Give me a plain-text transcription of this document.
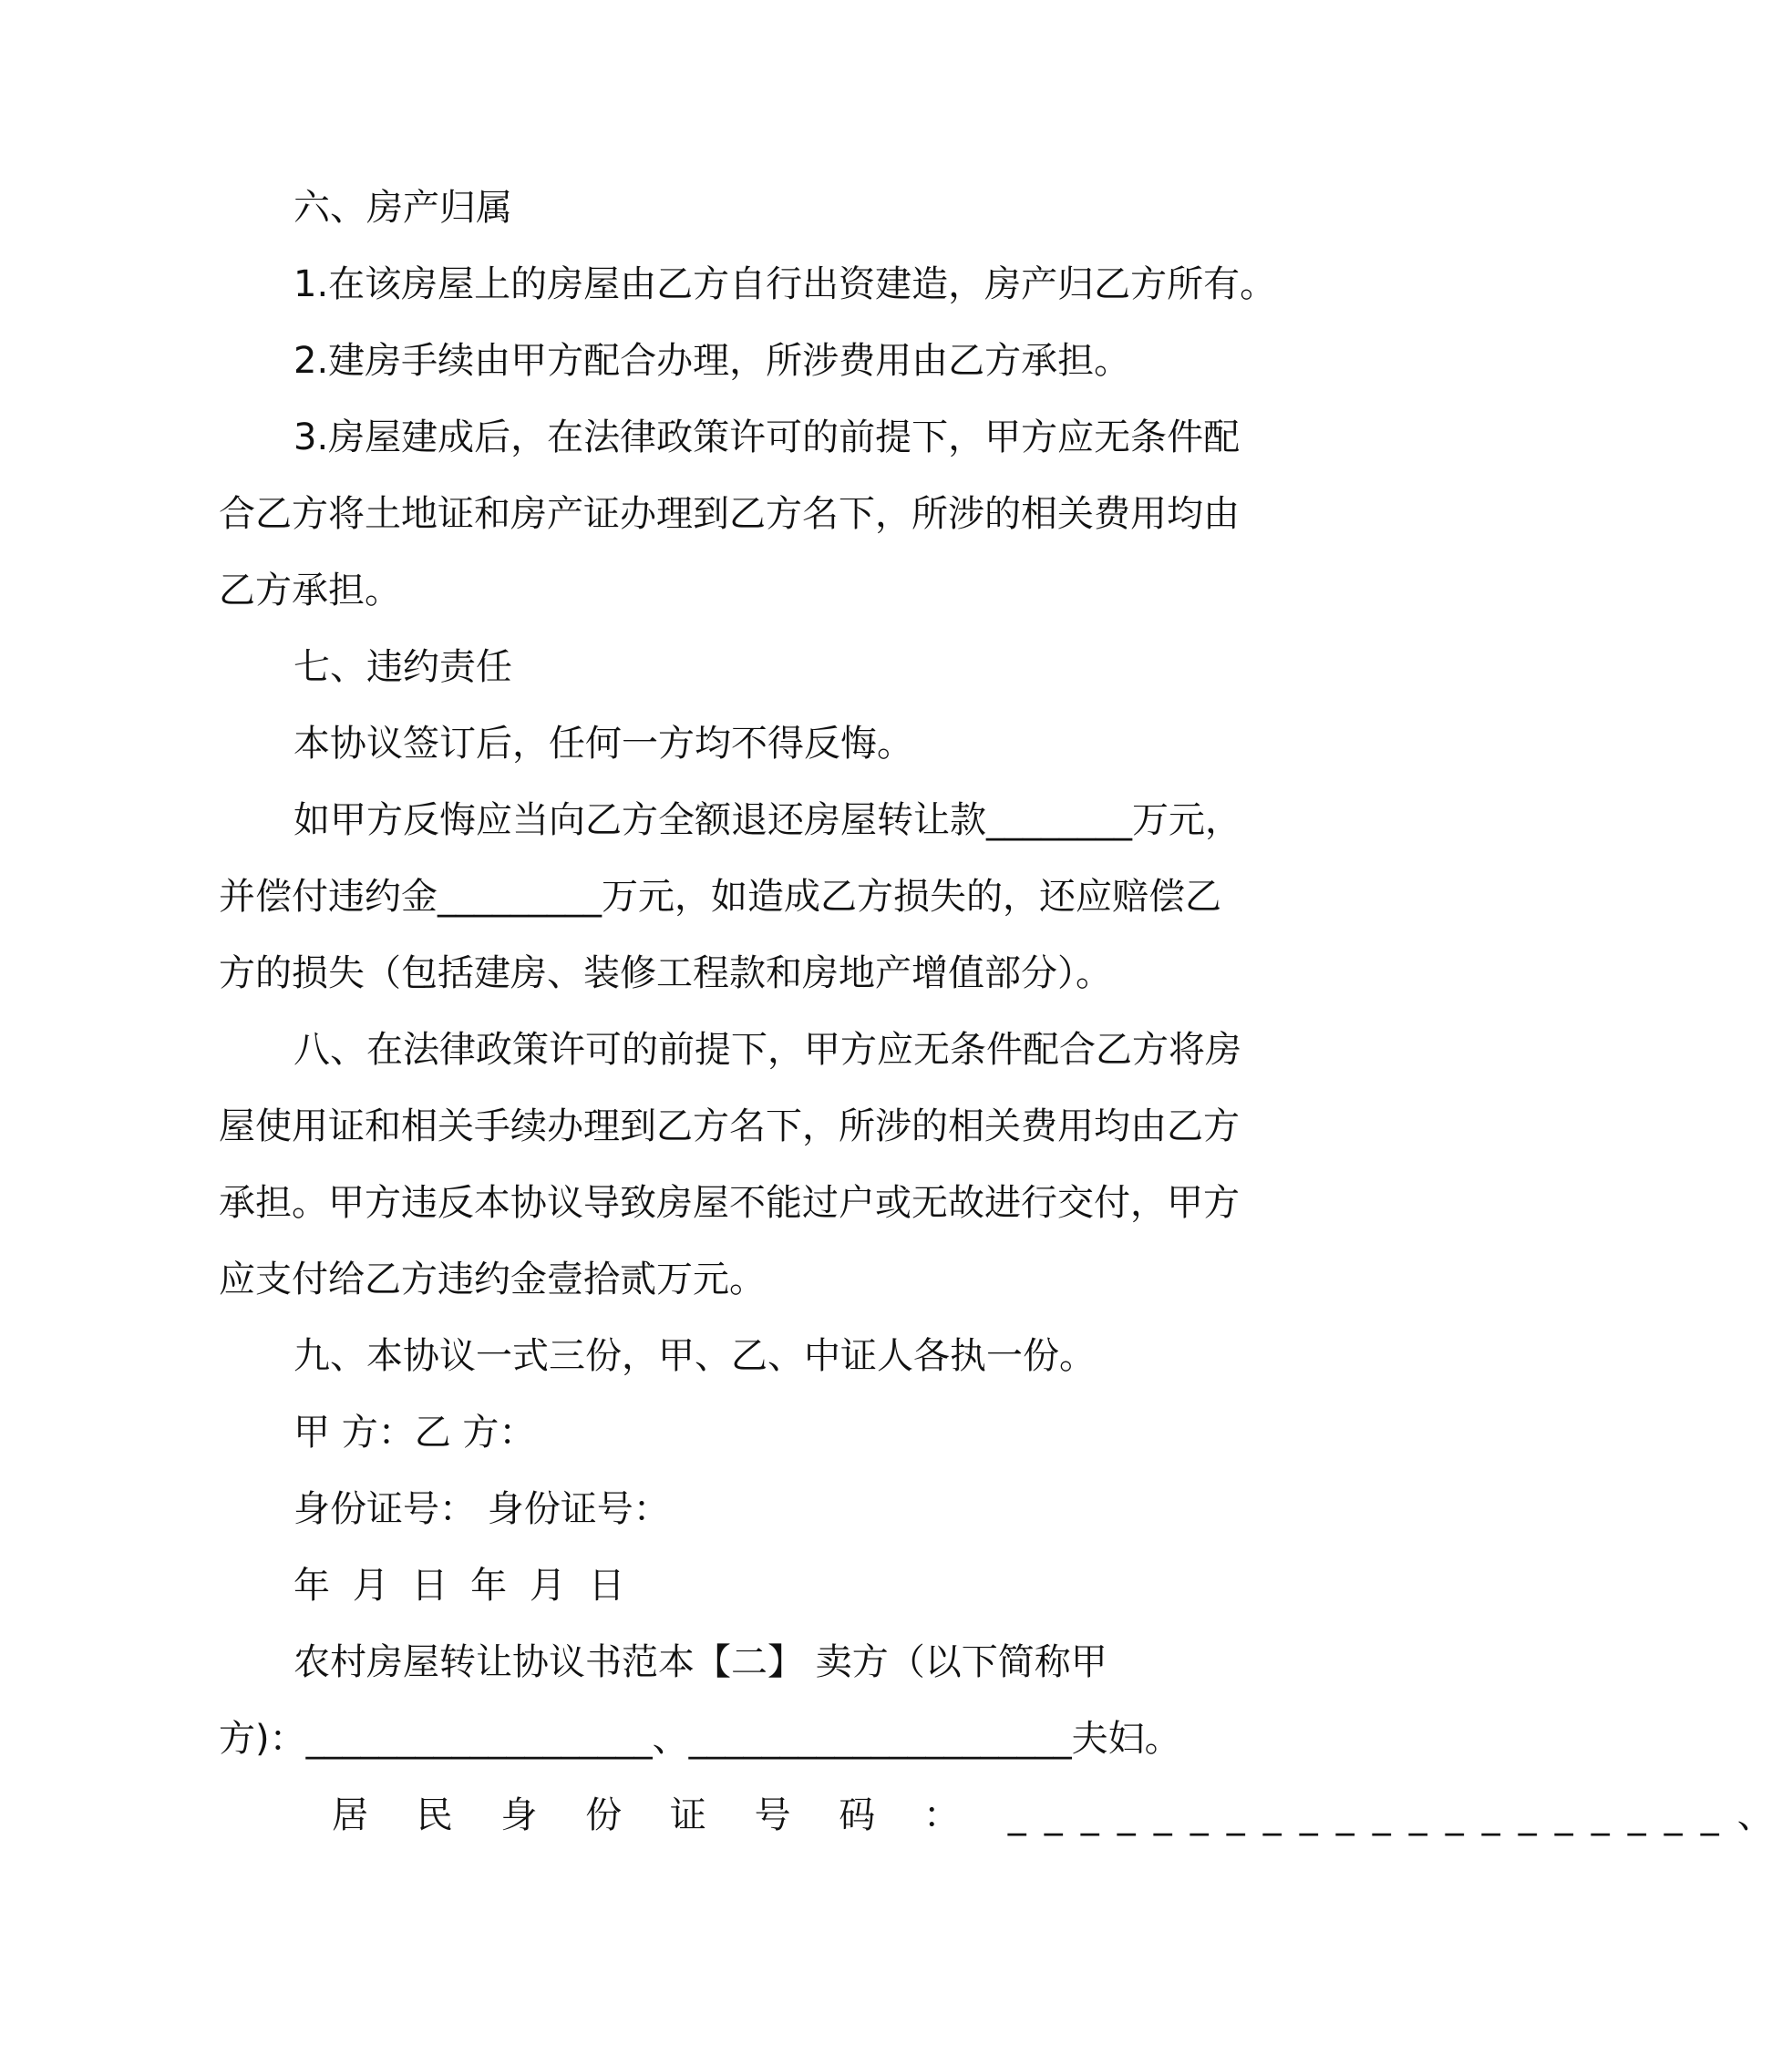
六、房产归属
1.在该房屋上的房屋由乙方自行出资建造，房产归乙方所有。
2.建房手续由甲方配合办理，所涉费用由乙方承担。
3.房屋建成后，在法律政策许可的前提下，甲方应无条件配
合乙方将土地证和房产证办理到乙方名下，所涉的相关费用均由
乙方承担。
七、违约责任
本协议签订后，任何一方均不得反悔。
如甲方反悔应当向乙方全额退还房屋转让款________万元，
并偿付违约金_________万元，如造成乙方损失的，还应赔偿乙
方的损失（包括建房、装修工程款和房地产增值部分）。
八、在法律政策许可的前提下，甲方应无条件配合乙方将房
屋使用证和相关手续办理到乙方名下，所涉的相关费用均由乙方
承担。甲方违反本协议导致房屋不能过户或无故进行交付，甲方
应支付给乙方违约金壹拾贰万元。
九、本协议一式三份，甲、乙、中证人各执一份。
甲 方：乙 方：
身份证号： 身份证号：
年 月 日 年 月 日
农村房屋转让协议书范本【二】 卖方（以下简称甲
方)：___________________、_____________________夫妇。
居 民 身 份 证 号 码 ： ____________________、
